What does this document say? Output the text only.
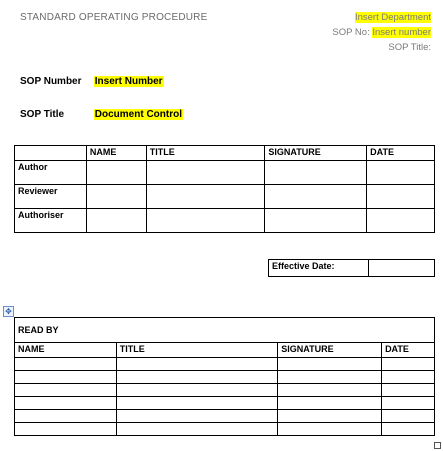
STANDARD OPERATING PROCEDURE	Insert Department
SOP No: Insert number
SOP Title:
SOP Number Insert Number
SOP Title	Document Control
	NAME	TITLE	SIGNATURE	DATE
Author				
Reviewer				
Authoriser				
Effective Date:	
✥
READ BY			
NAME	TITLE	SIGNATURE	DATE
